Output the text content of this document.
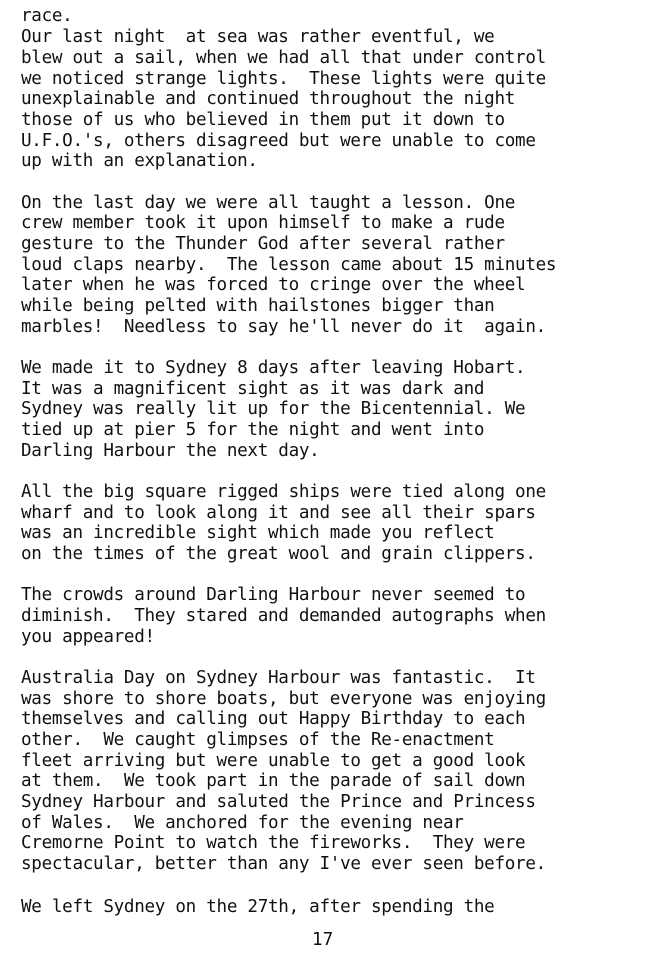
race.
Our last night  at sea was rather eventful, we
blew out a sail, when we had all that under control
we noticed strange lights.  These lights were quite
unexplainable and continued throughout the night
those of us who believed in them put it down to
U.F.O.'s, others disagreed but were unable to come
up with an explanation.
On the last day we were all taught a lesson. One
crew member took it upon himself to make a rude
gesture to the Thunder God after several rather
loud claps nearby.  The lesson came about 15 minutes
later when he was forced to cringe over the wheel
while being pelted with hailstones bigger than
marbles!  Needless to say he'll never do it  again.
We made it to Sydney 8 days after leaving Hobart.
It was a magnificent sight as it was dark and
Sydney was really lit up for the Bicentennial. We
tied up at pier 5 for the night and went into
Darling Harbour the next day.
All the big square rigged ships were tied along one
wharf and to look along it and see all their spars
was an incredible sight which made you reflect
on the times of the great wool and grain clippers.
The crowds around Darling Harbour never seemed to
diminish.  They stared and demanded autographs when
you appeared!
Australia Day on Sydney Harbour was fantastic.  It
was shore to shore boats, but everyone was enjoying
themselves and calling out Happy Birthday to each
other.  We caught glimpses of the Re-enactment
fleet arriving but were unable to get a good look
at them.  We took part in the parade of sail down
Sydney Harbour and saluted the Prince and Princess
of Wales.  We anchored for the evening near
Cremorne Point to watch the fireworks.  They were
spectacular, better than any I've ever seen before.
We left Sydney on the 27th, after spending the
17
